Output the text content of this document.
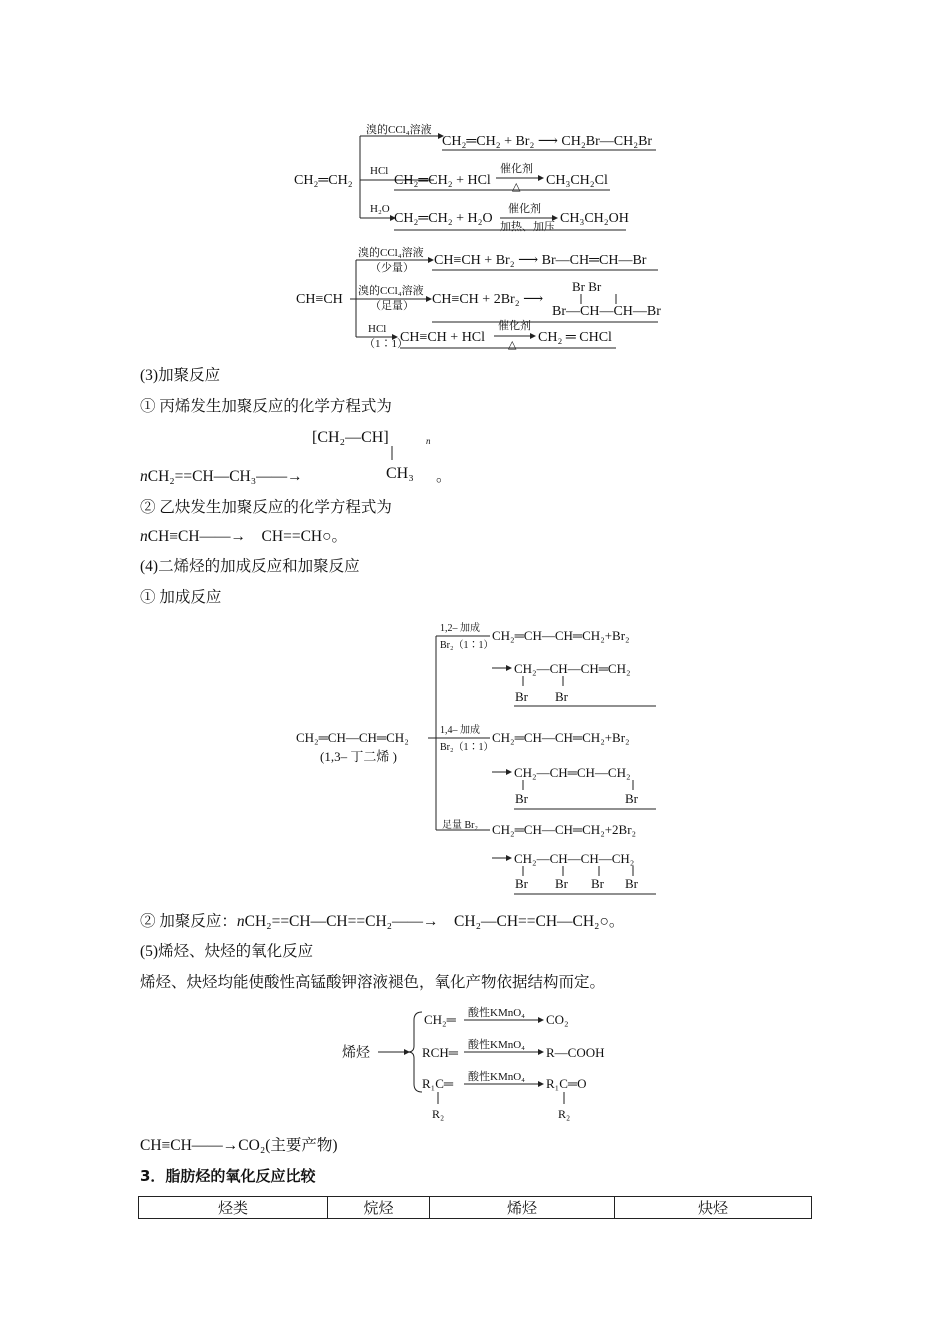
CH₂═CH₂
溴的CCl₄溶液
CH₂═CH₂ + Br₂ ⟶ CH₂Br—CH₂Br
HCl
CH₂═CH₂ + HCl
催化剂
△ CH₃CH₂Cl
H₂O
CH₂═CH₂ + H₂O
催化剂
加热、加压
CH₃CH₂OH
CH≡CH
溴的CCl₄溶液
（少量） CH≡CH + Br₂ ⟶ Br—CH═CH—Br
溴的CCl₄溶液
（足量） CH≡CH + 2Br₂ ⟶
Br Br
Br—CH—CH—Br
HCl
（1∶1）
CH≡CH + HCl
催化剂
△ CH₂ ═ CHCl
(3)加聚反应
① 丙烯发生加聚反应的化学方程式为
[CH₂—CH]	n
CH₃
nCH₂==CH—CH₃——→	。
② 乙炔发生加聚反应的化学方程式为
nCH≡CH——→　CH==CH○。
(4)二烯烃的加成反应和加聚反应
① 加成反应
CH₂═CH—CH═CH₂
(1,3– 丁二烯 )
1,2– 加成
Br₂（1∶1）
CH₂═CH—CH═CH₂+Br₂
CH₂—CH—CH═CH₂
Br Br
1,4– 加成
Br₂（1∶1）
CH₂═CH—CH═CH₂+Br₂
CH₂—CH═CH—CH₂
Br	Br
足量 Br₂ CH₂═CH—CH═CH₂+2Br₂
CH₂—CH—CH—CH₂
Br Br Br Br
② 加聚反应：nCH₂==CH—CH==CH₂——→　CH₂—CH==CH—CH₂○。
(5)烯烃、炔烃的氧化反应
烯烃、炔烃均能使酸性高锰酸钾溶液褪色，氧化产物依据结构而定。
烯烃
CH₂═ 酸性KMnO₄ CO₂
RCH═ 酸性KMnO₄ R—COOH
R₁C═ 酸性KMnO₄ R₁C═O
R₂	R₂
CH≡CH——→CO₂(主要产物)
3．脂肪烃的氧化反应比较
烃类	烷烃	烯烃	炔烃
